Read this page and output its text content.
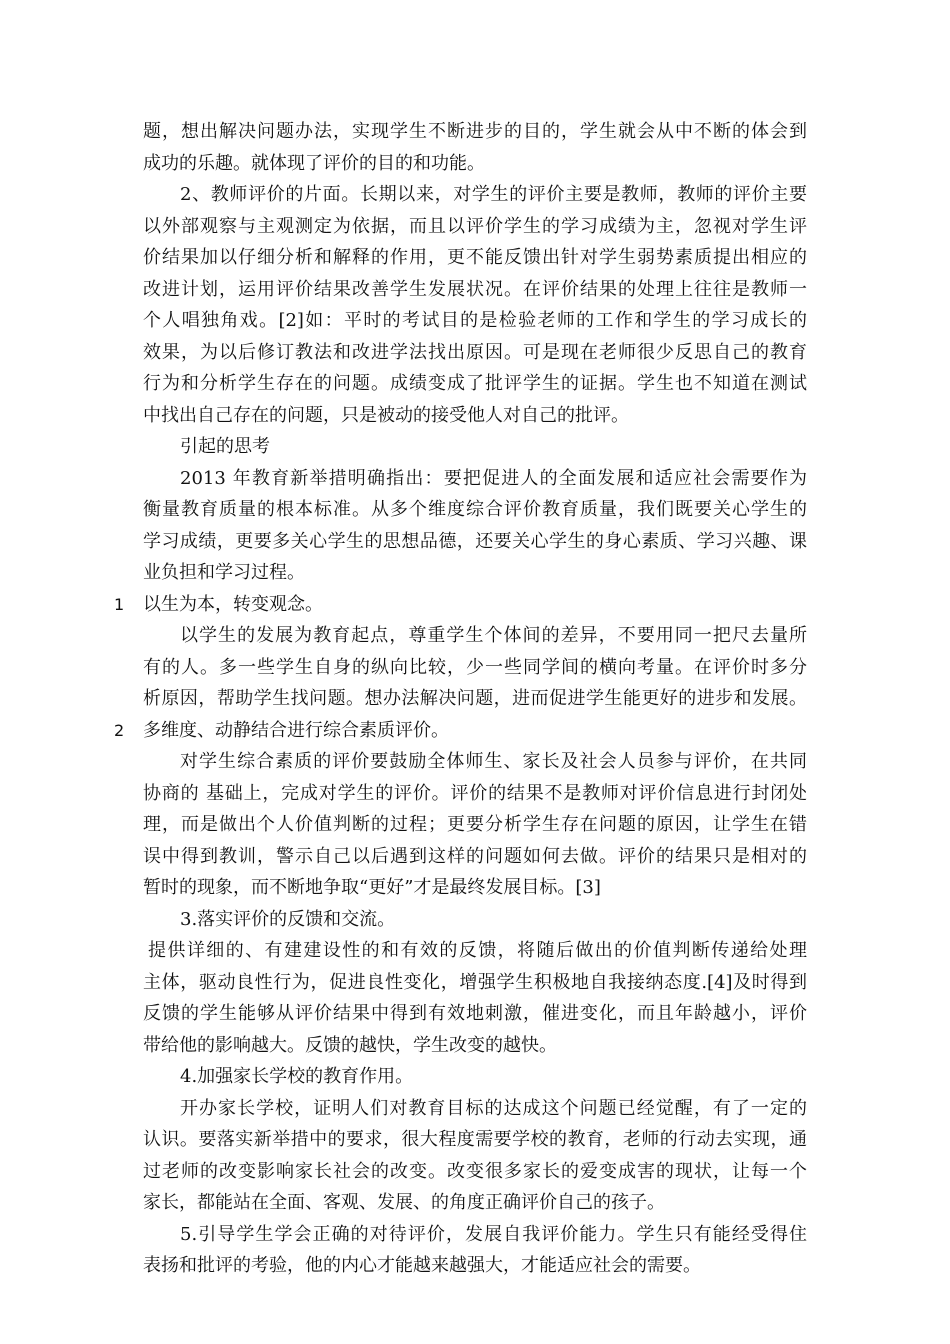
题，想出解决问题办法，实现学生不断进步的目的，学生就会从中不断的体会到
成功的乐趣。就体现了评价的目的和功能。
2、教师评价的片面。长期以来，对学生的评价主要是教师，教师的评价主要
以外部观察与主观测定为依据，而且以评价学生的学习成绩为主，忽视对学生评
价结果加以仔细分析和解释的作用，更不能反馈出针对学生弱势素质提出相应的
改进计划，运用评价结果改善学生发展状况。在评价结果的处理上往往是教师一
个人唱独角戏。[2]如：平时的考试目的是检验老师的工作和学生的学习成长的
效果，为以后修订教法和改进学法找出原因。可是现在老师很少反思自己的教育
行为和分析学生存在的问题。成绩变成了批评学生的证据。学生也不知道在测试
中找出自己存在的问题，只是被动的接受他人对自己的批评。
引起的思考
2013 年教育新举措明确指出：要把促进人的全面发展和适应社会需要作为
衡量教育质量的根本标准。从多个维度综合评价教育质量，我们既要关心学生的
学习成绩，更要多关心学生的思想品德，还要关心学生的身心素质、学习兴趣、课
业负担和学习过程。
1 以生为本，转变观念。
以学生的发展为教育起点，尊重学生个体间的差异，不要用同一把尺去量所
有的人。多一些学生自身的纵向比较，少一些同学间的横向考量。在评价时多分
析原因，帮助学生找问题。想办法解决问题，进而促进学生能更好的进步和发展。
2 多维度、动静结合进行综合素质评价。
对学生综合素质的评价要鼓励全体师生、家长及社会人员参与评价，在共同
协商的 基础上，完成对学生的评价。评价的结果不是教师对评价信息进行封闭处
理，而是做出个人价值判断的过程；更要分析学生存在问题的原因，让学生在错
误中得到教训，警示自己以后遇到这样的问题如何去做。评价的结果只是相对的
暂时的现象，而不断地争取“更好”才是最终发展目标。[3]
3.落实评价的反馈和交流。
提供详细的、有建建设性的和有效的反馈，将随后做出的价值判断传递给处理
主体，驱动良性行为，促进良性变化，增强学生积极地自我接纳态度.[4]及时得到
反馈的学生能够从评价结果中得到有效地刺激，催进变化，而且年龄越小，评价
带给他的影响越大。反馈的越快，学生改变的越快。
4.加强家长学校的教育作用。
开办家长学校，证明人们对教育目标的达成这个问题已经觉醒，有了一定的
认识。要落实新举措中的要求，很大程度需要学校的教育，老师的行动去实现，通
过老师的改变影响家长社会的改变。改变很多家长的爱变成害的现状，让每一个
家长，都能站在全面、客观、发展、的角度正确评价自己的孩子。
5.引导学生学会正确的对待评价，发展自我评价能力。学生只有能经受得住
表扬和批评的考验，他的内心才能越来越强大，才能适应社会的需要。
